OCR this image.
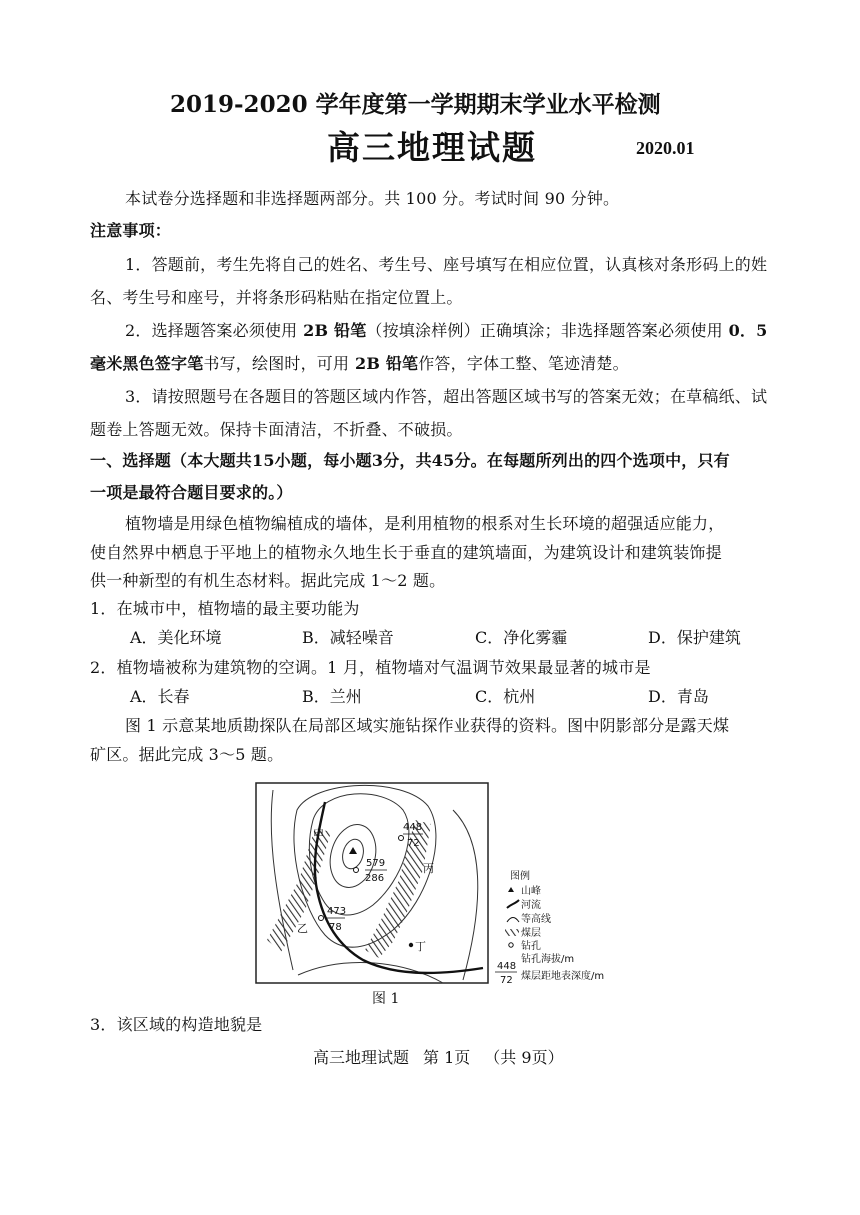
2019-2020 学年度第一学期期末学业水平检测
高三地理试题	2020.01
本试卷分选择题和非选择题两部分。共 100 分。考试时间 90 分钟。
注意事项：
1．答题前，考生先将自己的姓名、考生号、座号填写在相应位置，认真核对条形码上的姓
名、考生号和座号，并将条形码粘贴在指定位置上。
2．选择题答案必须使用 2B 铅笔（按填涂样例）正确填涂；非选择题答案必须使用 0．5
毫米黑色签字笔书写，绘图时，可用 2B 铅笔作答，字体工整、笔迹清楚。
3．请按照题号在各题目的答题区域内作答，超出答题区域书写的答案无效；在草稿纸、试
题卷上答题无效。保持卡面清洁，不折叠、不破损。
一、选择题（本大题共15小题，每小题3分，共45分。在每题所列出的四个选项中，只有
一项是最符合题目要求的。）
植物墙是用绿色植物编植成的墙体，是利用植物的根系对生长环境的超强适应能力，
使自然界中栖息于平地上的植物永久地生长于垂直的建筑墙面，为建筑设计和建筑装饰提
供一种新型的有机生态材料。据此完成 1～2 题。
1．在城市中，植物墙的最主要功能为
A．美化环境	B．减轻噪音	C．净化雾霾	D．保护建筑
2．植物墙被称为建筑物的空调。1 月，植物墙对气温调节效果最显著的城市是
A．长春	B．兰州	C．杭州	D．青岛
图 1 示意某地质勘探队在局部区域实施钻探作业获得的资料。图中阴影部分是露天煤
矿区。据此完成 3～5 题。
448
72
579
286
473
78
甲
乙
丙
丁
图例
山峰
河流
等高线
煤层
钻孔
钻孔海拔/m
448
72 煤层距地表深度/m
图 1
3．该区域的构造地貌是
高三地理试题 第 1页 （共 9页）
